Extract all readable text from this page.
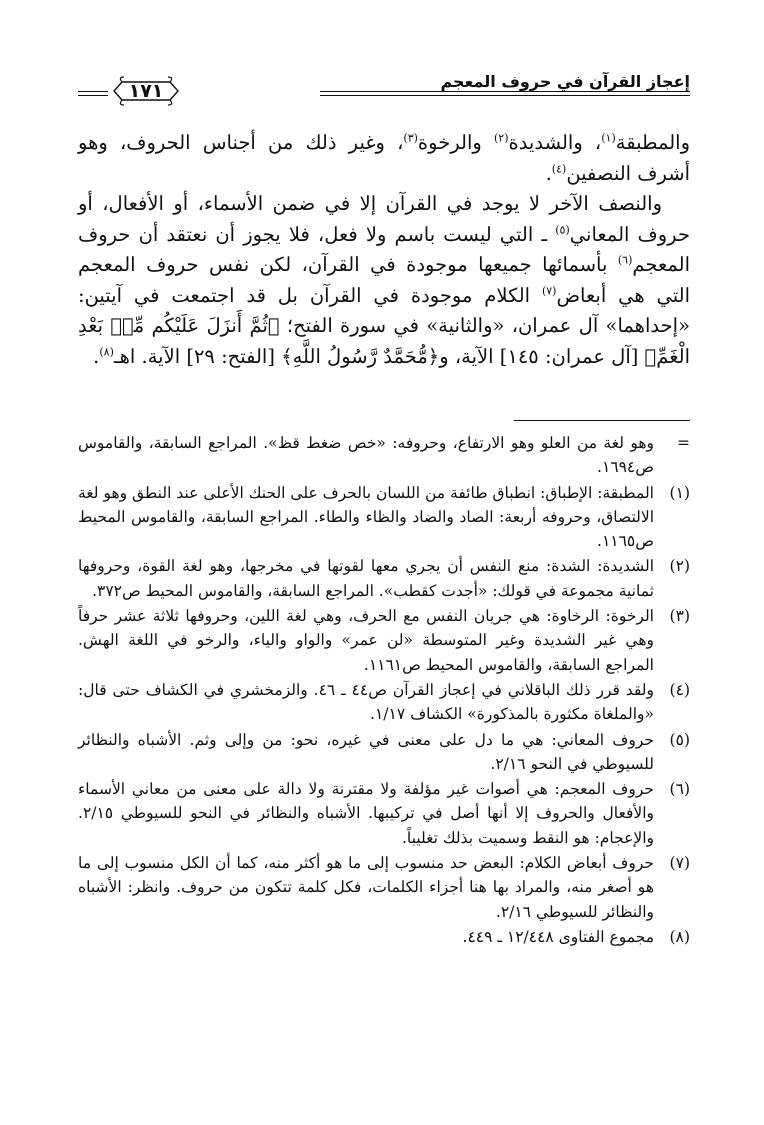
إعجاز القرآن في حروف المعجم
١٧١

والمطبقة$^{(١)}$، والشديدة$^{(٢)}$ والرخوة$^{(٣)}$، وغير ذلك من أجناس الحروف، وهو أشرف النصفين$^{(٤)}$.

والنصف الآخر لا يوجد في القرآن إلا في ضمن الأسماء، أو الأفعال، أو حروف المعاني$^{(٥)}$ ـ التي ليست باسم ولا فعل، فلا يجوز أن نعتقد أن حروف المعجم$^{(٦)}$ بأسمائها جميعها موجودة في القرآن، لكن نفس حروف المعجم التي هي أبعاض$^{(٧)}$ الكلام موجودة في القرآن بل قد اجتمعت في آيتين: «إحداهما» آل عمران، «والثانية» في سورة الفتح؛ ﴿ثُمَّ أَنزَلَ عَلَيْكُم مِّنۢ بَعْدِ الْغَمِّ﴾ [آل عمران: ١٤٥] الآية، و﴿مُّحَمَّدٌ رَّسُولُ اللَّهِ﴾ [الفتح: ٢٩] الآية. اهـ$^{(٨)}$.

=
وهو لغة من العلو وهو الارتفاع، وحروفه: «خص ضغط قظ». المراجع السابقة، والقاموس ص١٦٩٤.
(١)
المطبقة: الإطباق: انطباق طائفة من اللسان بالحرف على الحنك الأعلى عند النطق وهو لغة الالتصاق، وحروفه أربعة: الصاد والضاد والظاء والطاء. المراجع السابقة، والقاموس المحيط ص١١٦٥.
(٢)
الشديدة: الشدة: منع النفس أن يجري معها لقوتها في مخرجها، وهو لغة القوة، وحروفها ثمانية مجموعة في قولك: «أجدت كقطب». المراجع السابقة، والقاموس المحيط ص٣٧٢.
(٣)
الرخوة: الرخاوة: هي جريان النفس مع الحرف، وهي لغة اللين، وحروفها ثلاثة عشر حرفاً وهي غير الشديدة وغير المتوسطة «لن عمر» والواو والياء، والرخو في اللغة الهش. المراجع السابقة، والقاموس المحيط ص١١٦١.
(٤)
ولقد قرر ذلك الباقلاني في إعجاز القرآن ص٤٤ ـ ٤٦. والزمخشري في الكشاف حتى قال: «والملغاة مكثورة بالمذكورة» الكشاف ١/١٧.
(٥)
حروف المعاني: هي ما دل على معنى في غيره، نحو: من وإلى وثم. الأشباه والنظائر للسيوطي في النحو ٢/١٦.
(٦)
حروف المعجم: هي أصوات غير مؤلفة ولا مقترنة ولا دالة على معنى من معاني الأسماء والأفعال والحروف إلا أنها أصل في تركيبها. الأشباه والنظائر في النحو للسيوطي ٢/١٥. والإعجام: هو النقط وسميت بذلك تغليباً.
(٧)
حروف أبعاض الكلام: البعض حد منسوب إلى ما هو أكثر منه، كما أن الكل منسوب إلى ما هو أصغر منه، والمراد بها هنا أجزاء الكلمات، فكل كلمة تتكون من حروف. وانظر: الأشباه والنظائر للسيوطي ٢/١٦.
(٨)
مجموع الفتاوى ١٢/٤٤٨ ـ ٤٤٩.
